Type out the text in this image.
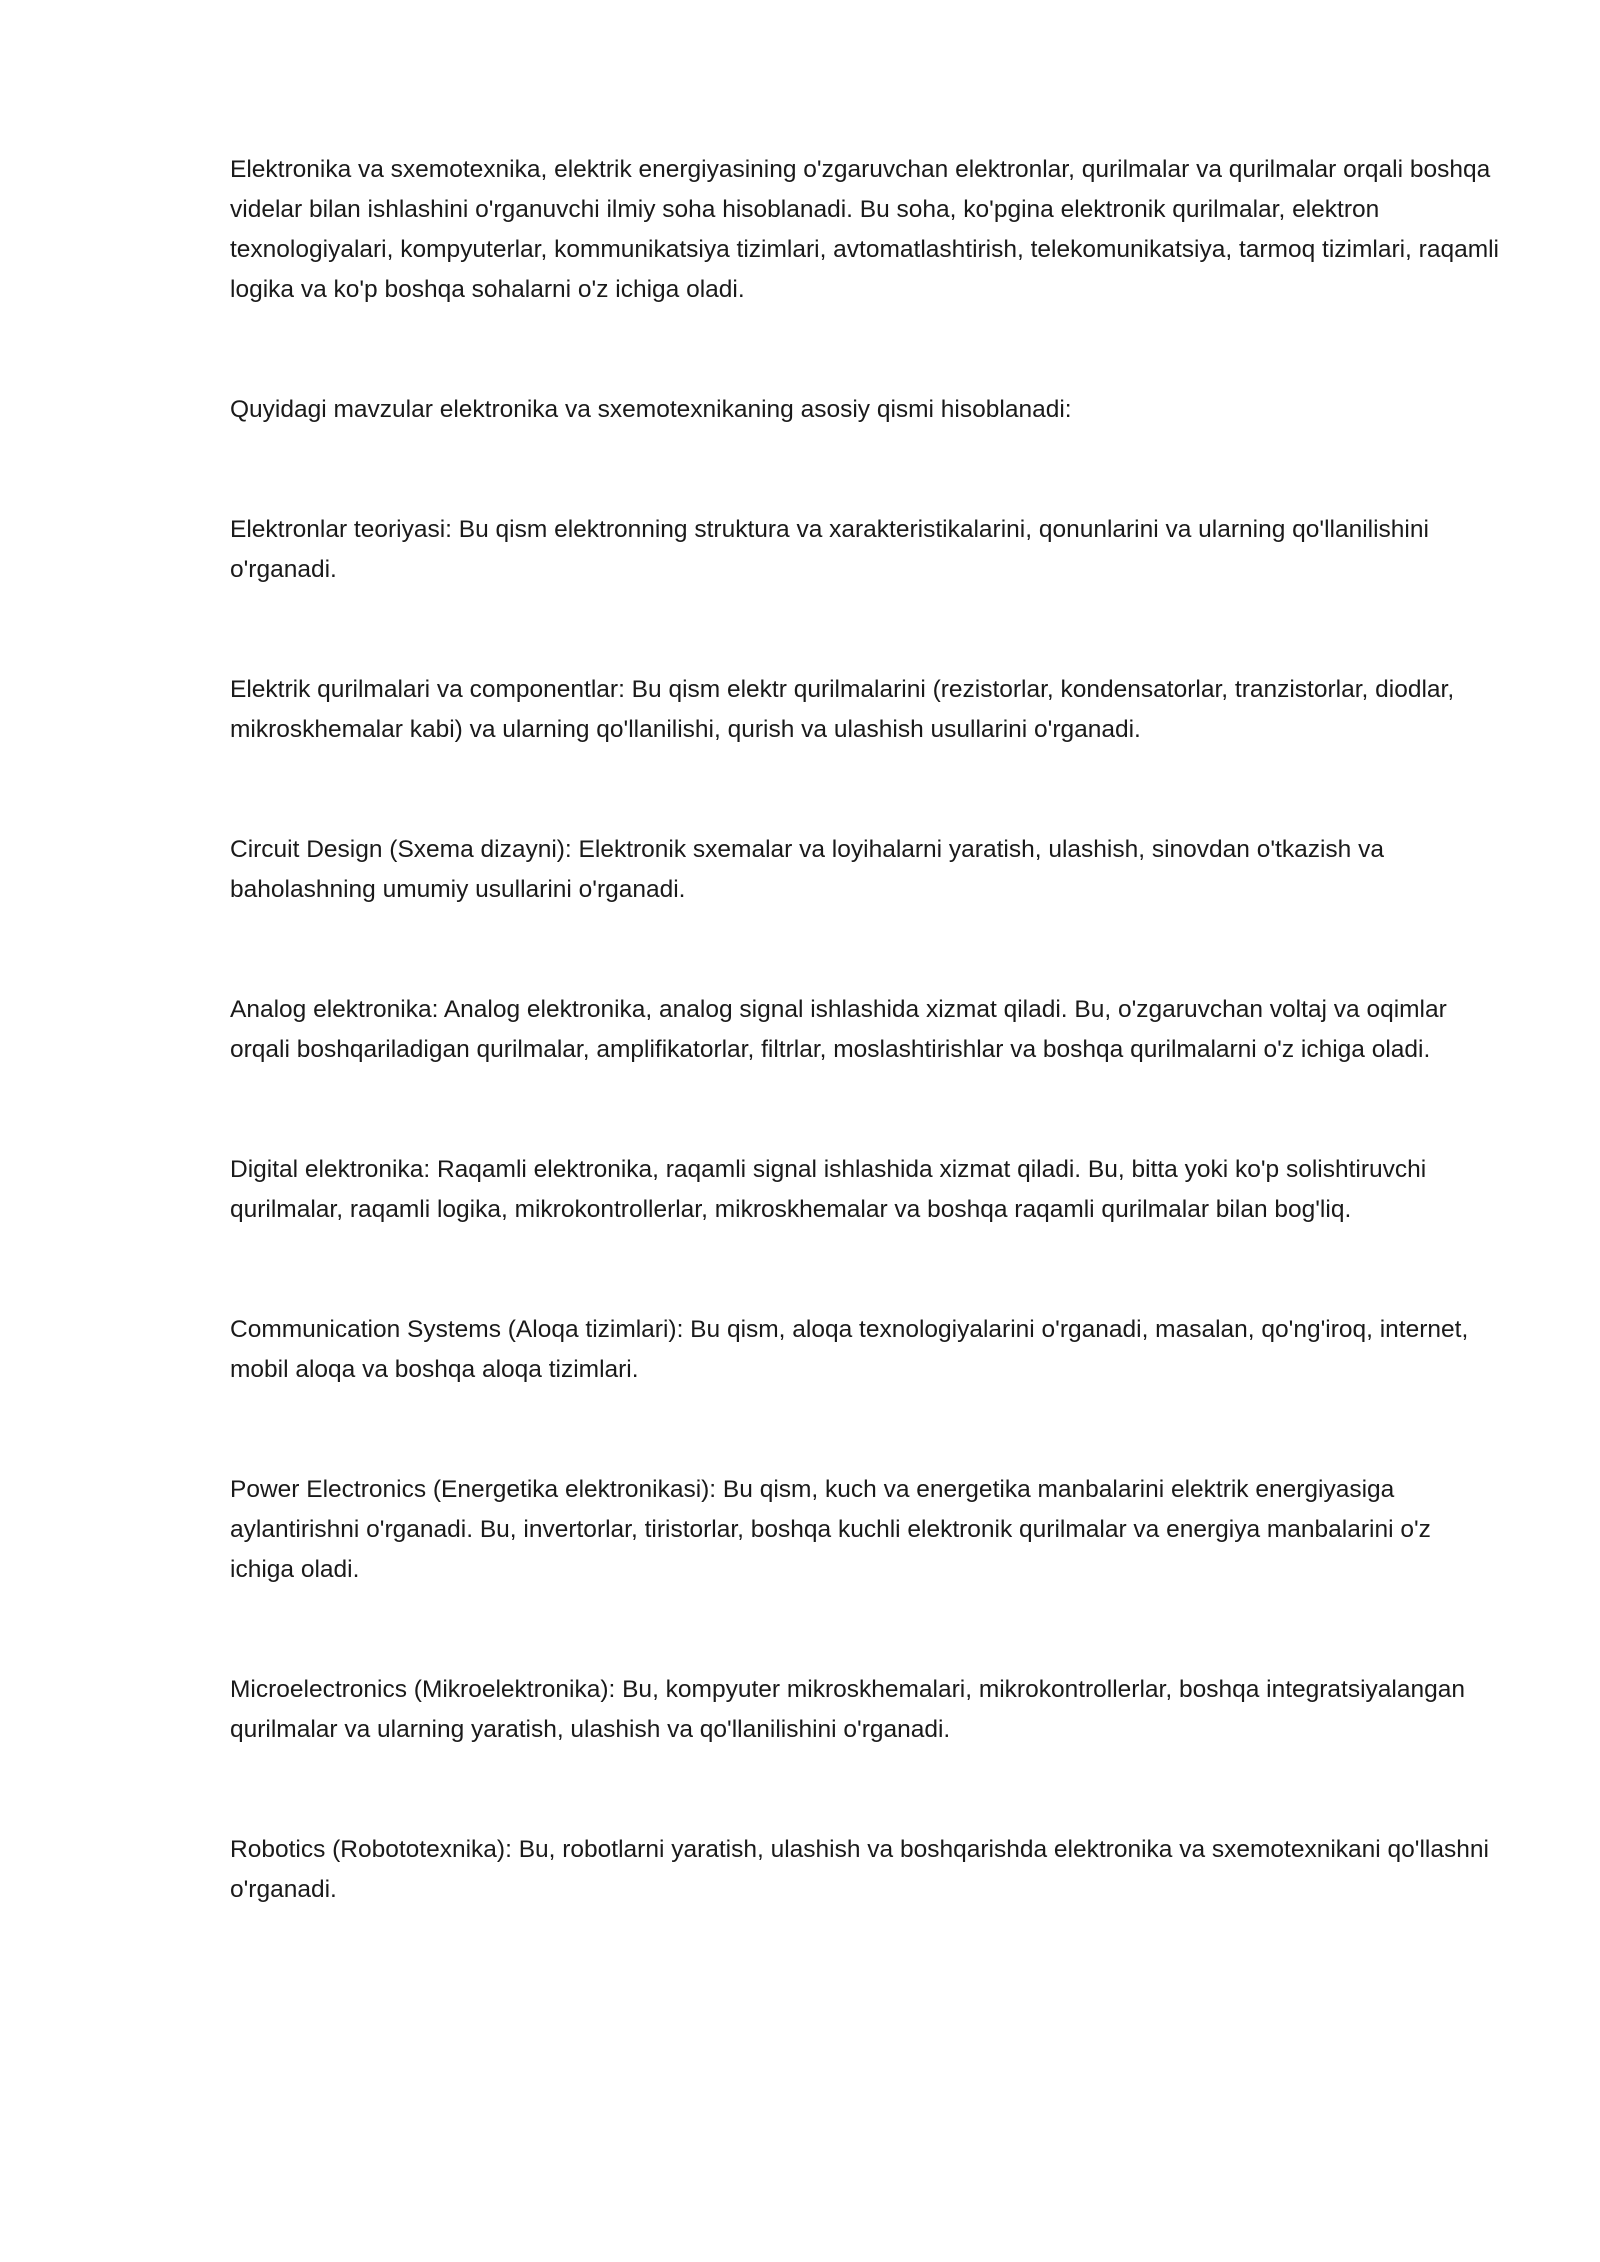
Elektronika va sxemotexnika, elektrik energiyasining o'zgaruvchan elektronlar, qurilmalar va qurilmalar orqali boshqa videlar bilan ishlashini o'rganuvchi ilmiy soha hisoblanadi. Bu soha, ko'pgina elektronik qurilmalar, elektron texnologiyalari, kompyuterlar, kommunikatsiya tizimlari, avtomatlashtirish, telekomunikatsiya, tarmoq tizimlari, raqamli logika va ko'p boshqa sohalarni o'z ichiga oladi.

Quyidagi mavzular elektronika va sxemotexnikaning asosiy qismi hisoblanadi:

Elektronlar teoriyasi: Bu qism elektronning struktura va xarakteristikalarini, qonunlarini va ularning qo'llanilishini o'rganadi.

Elektrik qurilmalari va componentlar: Bu qism elektr qurilmalarini (rezistorlar, kondensatorlar, tranzistorlar, diodlar, mikroskhemalar kabi) va ularning qo'llanilishi, qurish va ulashish usullarini o'rganadi.

Circuit Design (Sxema dizayni): Elektronik sxemalar va loyihalarni yaratish, ulashish, sinovdan o'tkazish va baholashning umumiy usullarini o'rganadi.

Analog elektronika: Analog elektronika, analog signal ishlashida xizmat qiladi. Bu, o'zgaruvchan voltaj va oqimlar orqali boshqariladigan qurilmalar, amplifikatorlar, filtrlar, moslashtirishlar va boshqa qurilmalarni o'z ichiga oladi.

Digital elektronika: Raqamli elektronika, raqamli signal ishlashida xizmat qiladi. Bu, bitta yoki ko'p solishtiruvchi qurilmalar, raqamli logika, mikrokontrollerlar, mikroskhemalar va boshqa raqamli qurilmalar bilan bog'liq.

Communication Systems (Aloqa tizimlari): Bu qism, aloqa texnologiyalarini o'rganadi, masalan, qo'ng'iroq, internet, mobil aloqa va boshqa aloqa tizimlari.

Power Electronics (Energetika elektronikasi): Bu qism, kuch va energetika manbalarini elektrik energiyasiga aylantirishni o'rganadi. Bu, invertorlar, tiristorlar, boshqa kuchli elektronik qurilmalar va energiya manbalarini o'z ichiga oladi.

Microelectronics (Mikroelektronika): Bu, kompyuter mikroskhemalari, mikrokontrollerlar, boshqa integratsiyalangan qurilmalar va ularning yaratish, ulashish va qo'llanilishini o'rganadi.

Robotics (Robototexnika): Bu, robotlarni yaratish, ulashish va boshqarishda elektronika va sxemotexnikani qo'llashni o'rganadi.
